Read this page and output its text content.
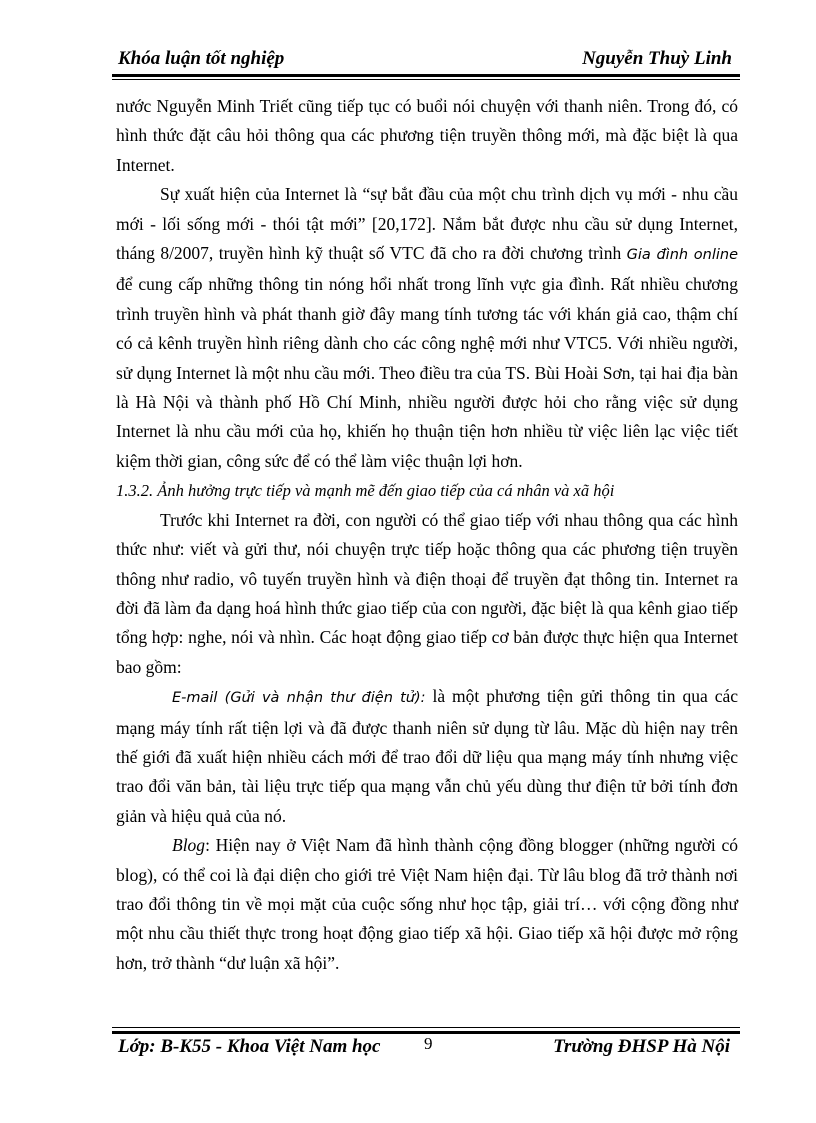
Khóa luận tốt nghiệp	Nguyễn Thuỳ Linh

nước Nguyễn Minh Triết cũng tiếp tục có buổi nói chuyện với thanh niên. Trong đó, có hình thức đặt câu hỏi thông qua các phương tiện truyền thông mới, mà đặc biệt là qua Internet.

Sự xuất hiện của Internet là “sự bắt đầu của một chu trình dịch vụ mới - nhu cầu mới - lối sống mới - thói tật mới” [20,172]. Nắm bắt được nhu cầu sử dụng Internet, tháng 8/2007, truyền hình kỹ thuật số VTC đã cho ra đời chương trình Gia đình online để cung cấp những thông tin nóng hổi nhất trong lĩnh vực gia đình. Rất nhiều chương trình truyền hình và phát thanh giờ đây mang tính tương tác với khán giả cao, thậm chí có cả kênh truyền hình riêng dành cho các công nghệ mới như VTC5. Với nhiều người, sử dụng Internet là một nhu cầu mới. Theo điều tra của TS. Bùi Hoài Sơn, tại hai địa bàn là Hà Nội và thành phố Hồ Chí Minh, nhiều người được hỏi cho rằng việc sử dụng Internet là nhu cầu mới của họ, khiến họ thuận tiện hơn nhiều từ việc liên lạc việc tiết kiệm thời gian, công sức để có thể làm việc thuận lợi hơn.

1.3.2. Ảnh hưởng trực tiếp và mạnh mẽ đến giao tiếp của cá nhân và xã hội

Trước khi Internet ra đời, con người có thể giao tiếp với nhau thông qua các hình thức như: viết và gửi thư, nói chuyện trực tiếp hoặc thông qua các phương tiện truyền thông như radio, vô tuyến truyền hình và điện thoại để truyền đạt thông tin. Internet ra đời đã làm đa dạng hoá hình thức giao tiếp của con người, đặc biệt là qua kênh giao tiếp tổng hợp: nghe, nói và nhìn. Các hoạt động giao tiếp cơ bản được thực hiện qua Internet bao gồm:

E-mail (Gửi và nhận thư điện tử): là một phương tiện gửi thông tin qua các mạng máy tính rất tiện lợi và đã được thanh niên sử dụng từ lâu. Mặc dù hiện nay trên thế giới đã xuất hiện nhiều cách mới để trao đổi dữ liệu qua mạng máy tính nhưng việc trao đổi văn bản, tài liệu trực tiếp qua mạng vẫn chủ yếu dùng thư điện tử bởi tính đơn giản và hiệu quả của nó.

Blog: Hiện nay ở Việt Nam đã hình thành cộng đồng blogger (những người có blog), có thể coi là đại diện cho giới trẻ Việt Nam hiện đại. Từ lâu blog đã trở thành nơi trao đổi thông tin về mọi mặt của cuộc sống như học tập, giải trí… với cộng đồng như một nhu cầu thiết thực trong hoạt động giao tiếp xã hội. Giao tiếp xã hội được mở rộng hơn, trở thành “dư luận xã hội”.

Lớp: B-K55 - Khoa Việt Nam học	9	Trường ĐHSP Hà Nội
